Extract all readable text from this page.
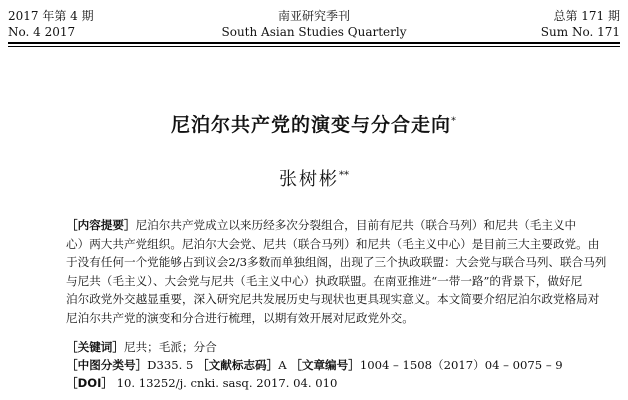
2017 年第 4 期
No. 4 2017
南亚研究季刊
South Asian Studies Quarterly
总第 171 期
Sum No. 171
尼泊尔共产党的演变与分合走向*
张树彬**
［内容提要］尼泊尔共产党成立以来历经多次分裂组合，目前有尼共（联合马列）和尼共（毛主义中
心）两大共产党组织。尼泊尔大会党、尼共（联合马列）和尼共（毛主义中心）是目前三大主要政党。由
于没有任何一个党能够占到议会2/3多数而单独组阁，出现了三个执政联盟：大会党与联合马列、联合马列
与尼共（毛主义）、大会党与尼共（毛主义中心）执政联盟。在南亚推进“一带一路”的背景下，做好尼
泊尔政党外交越显重要，深入研究尼共发展历史与现状也更具现实意义。本文简要介绍尼泊尔政党格局对
尼泊尔共产党的演变和分合进行梳理，以期有效开展对尼政党外交。
［关键词］尼共；毛派；分合
［中图分类号］D335. 5 ［文献标志码］A ［文章编号］1004 – 1508（2017）04 – 0075 – 9
［DOI］ 10. 13252/j. cnki. sasq. 2017. 04. 010
